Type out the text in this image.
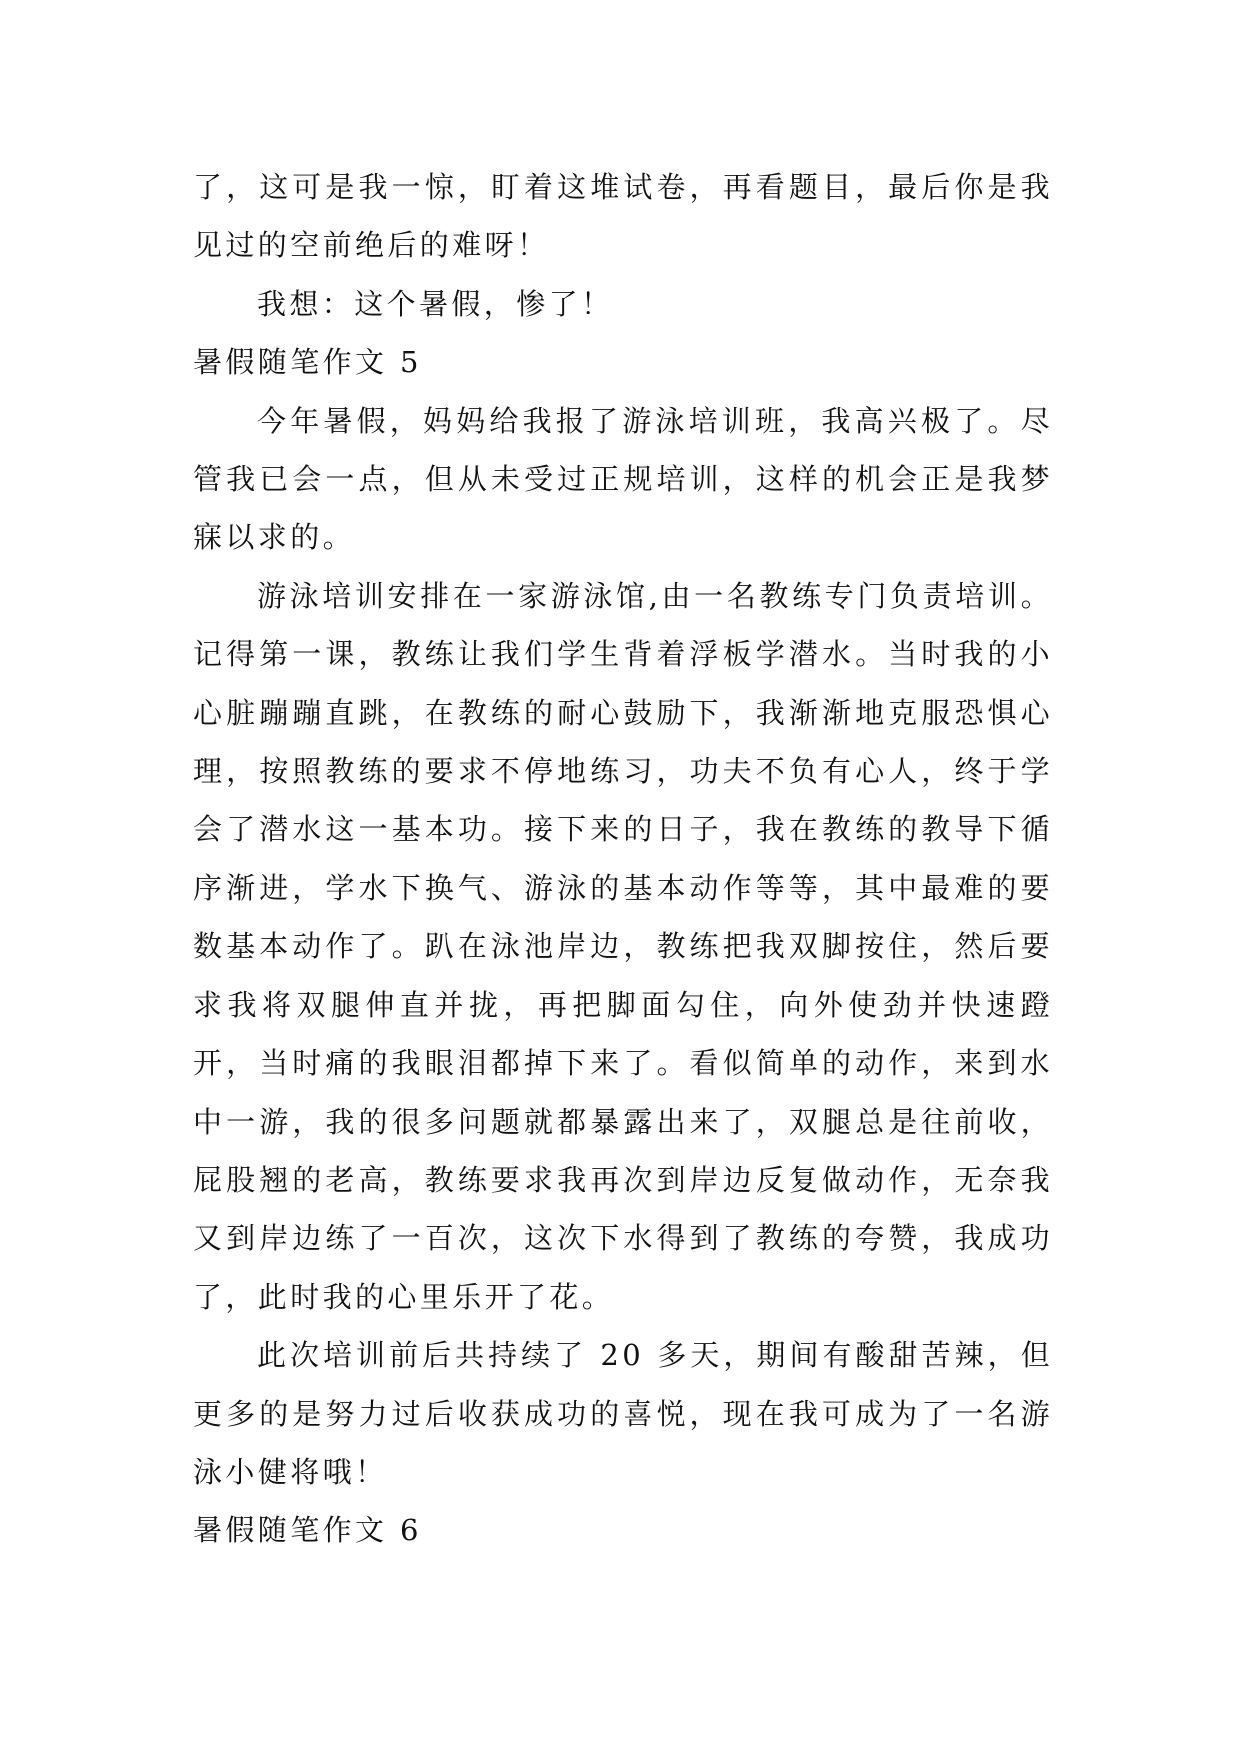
了，这可是我一惊，盯着这堆试卷，再看题目，最后你是我见过的空前绝后的难呀！

我想：这个暑假，惨了！

暑假随笔作文 5

今年暑假，妈妈给我报了游泳培训班，我高兴极了。尽管我已会一点，但从未受过正规培训，这样的机会正是我梦寐以求的。

游泳培训安排在一家游泳馆,由一名教练专门负责培训。记得第一课，教练让我们学生背着浮板学潜水。当时我的小心脏蹦蹦直跳，在教练的耐心鼓励下，我渐渐地克服恐惧心理，按照教练的要求不停地练习，功夫不负有心人，终于学会了潜水这一基本功。接下来的日子，我在教练的教导下循序渐进，学水下换气、游泳的基本动作等等，其中最难的要数基本动作了。趴在泳池岸边，教练把我双脚按住，然后要求我将双腿伸直并拢，再把脚面勾住，向外使劲并快速蹬开，当时痛的我眼泪都掉下来了。看似简单的动作，来到水中一游，我的很多问题就都暴露出来了，双腿总是往前收，屁股翘的老高，教练要求我再次到岸边反复做动作，无奈我又到岸边练了一百次，这次下水得到了教练的夸赞，我成功了，此时我的心里乐开了花。

此次培训前后共持续了 20 多天，期间有酸甜苦辣，但更多的是努力过后收获成功的喜悦，现在我可成为了一名游泳小健将哦！

暑假随笔作文 6
